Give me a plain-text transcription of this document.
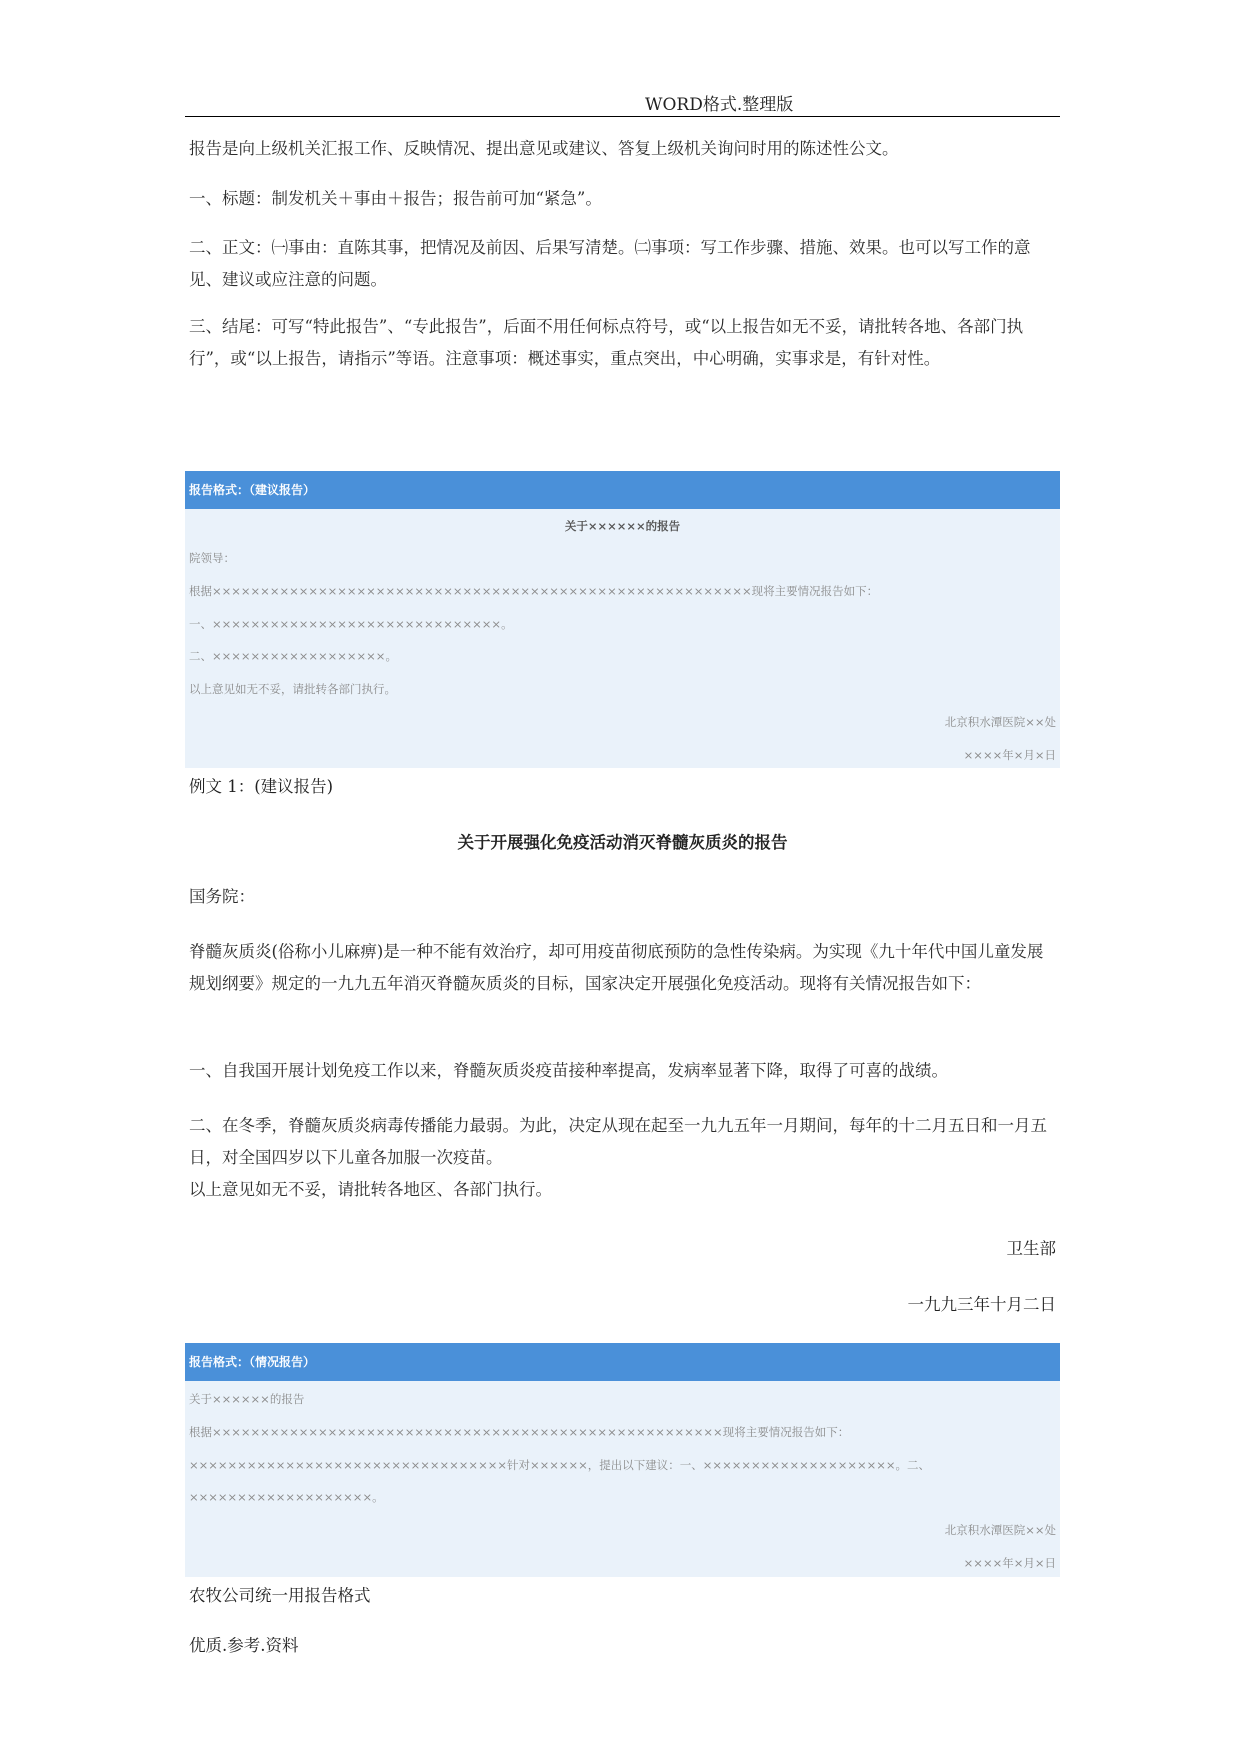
WORD格式.整理版
报告是向上级机关汇报工作、反映情况、提出意见或建议、答复上级机关询问时用的陈述性公文。
一、标题：制发机关＋事由＋报告；报告前可加“紧急”。
二、正文：㈠事由：直陈其事，把情况及前因、后果写清楚。㈡事项：写工作步骤、措施、效果。也可以写工作的意见、建议或应注意的问题。
三、结尾：可写“特此报告”、“专此报告”，后面不用任何标点符号，或“以上报告如无不妥，请批转各地、各部门执行”，或“以上报告，请指示”等语。注意事项：概述事实，重点突出，中心明确，实事求是，有针对性。
报告格式：（建议报告）
关于××××××的报告
院领导：
根据××××××××××××××××××××××××××××××××××××××××××××××××××××××××现将主要情况报告如下：
一、××××××××××××××××××××××××××××××。
二、××××××××××××××××××。
以上意见如无不妥，请批转各部门执行。
北京积水潭医院××处
××××年×月×日
例文 1：(建议报告)
关于开展强化免疫活动消灭脊髓灰质炎的报告
国务院：
脊髓灰质炎(俗称小儿麻痹)是一种不能有效治疗，却可用疫苗彻底预防的急性传染病。为实现《九十年代中国儿童发展规划纲要》规定的一九九五年消灭脊髓灰质炎的目标，国家决定开展强化免疫活动。现将有关情况报告如下：
一、自我国开展计划免疫工作以来，脊髓灰质炎疫苗接种率提高，发病率显著下降，取得了可喜的战绩。
二、在冬季，脊髓灰质炎病毒传播能力最弱。为此，决定从现在起至一九九五年一月期间，每年的十二月五日和一月五日，对全国四岁以下儿童各加服一次疫苗。
以上意见如无不妥，请批转各地区、各部门执行。
卫生部
一九九三年十月二日
报告格式：（情况报告）
关于××××××的报告
根据×××××××××××××××××××××××××××××××××××××××××××××××××××××现将主要情况报告如下：
×××××××××××××××××××××××××××××××××针对××××××，提出以下建议：一、××××××××××××××××××××。二、
×××××××××××××××××××。
北京积水潭医院××处
××××年×月×日
农牧公司统一用报告格式
优质.参考.资料
